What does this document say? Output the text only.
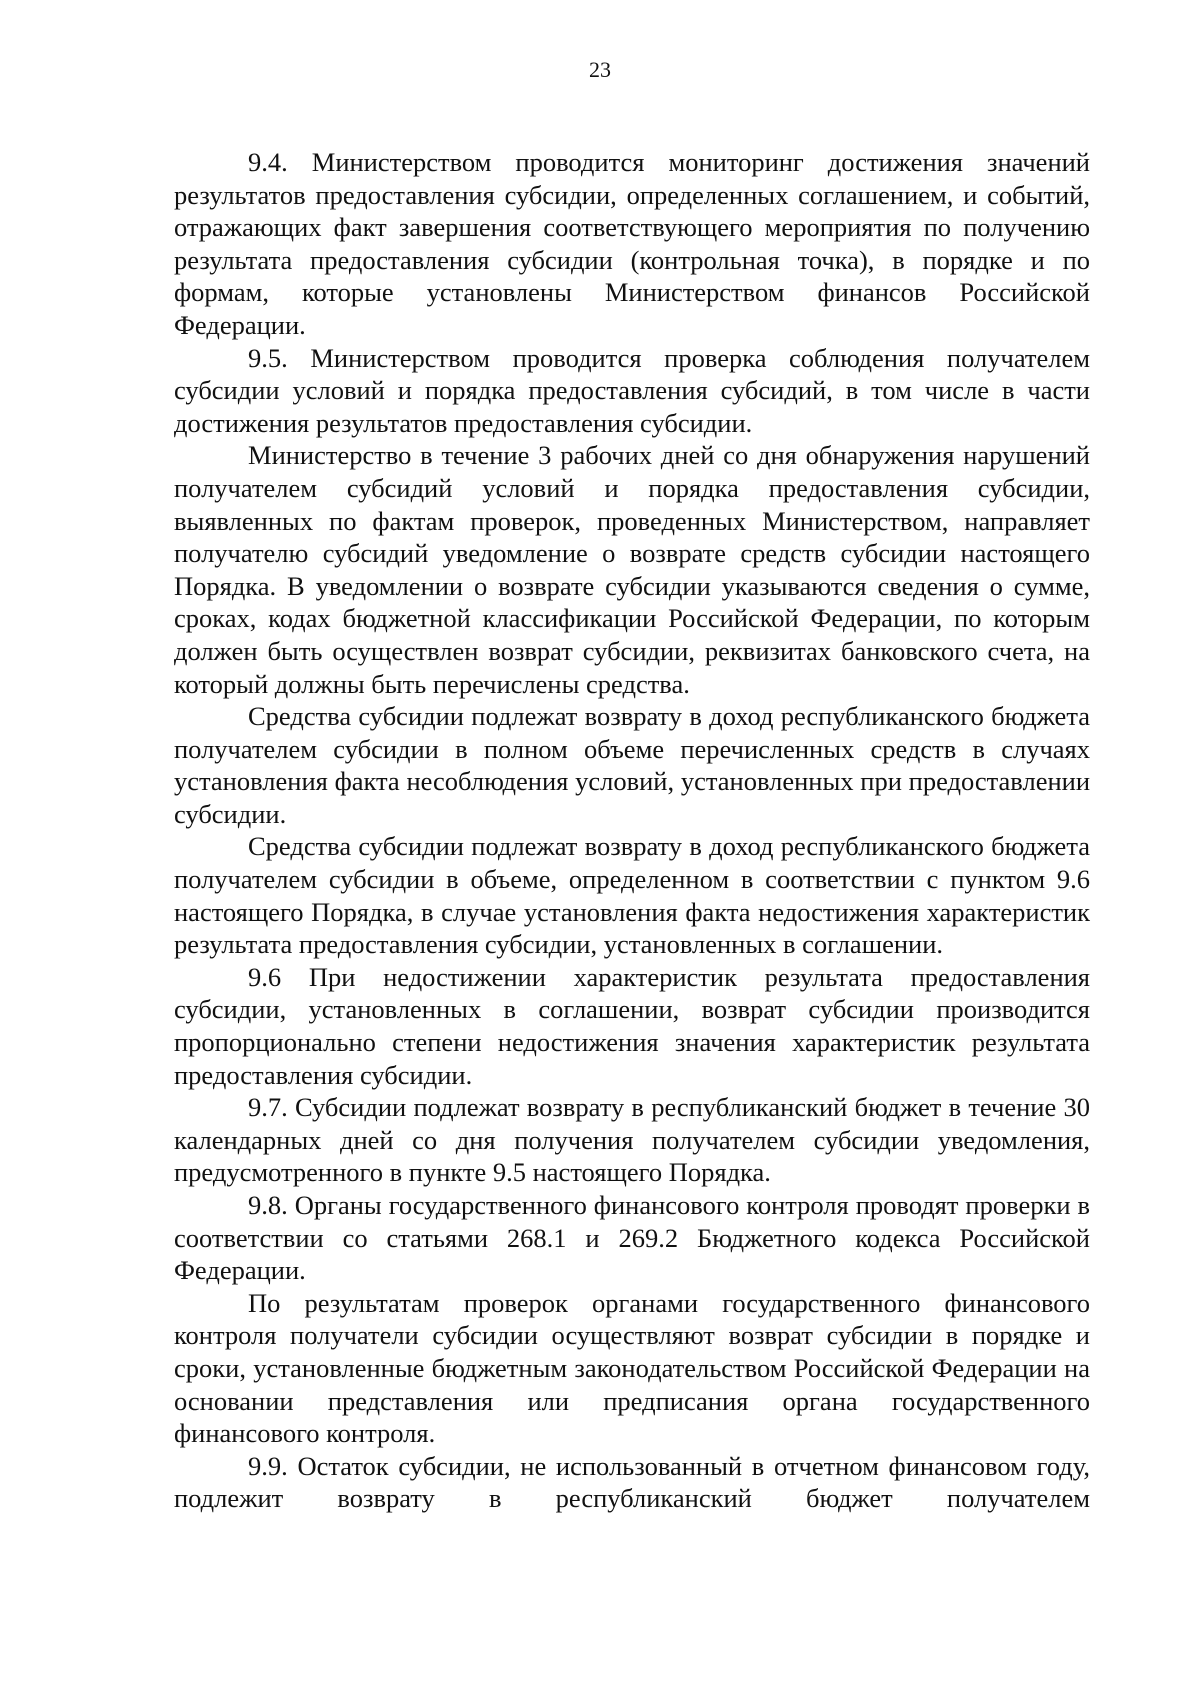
23

9.4. Министерством проводится мониторинг достижения значений результатов предоставления субсидии, определенных соглашением, и событий, отражающих факт завершения соответствующего мероприятия по получению результата предоставления субсидии (контрольная точка), в порядке и по формам, которые установлены Министерством финансов Российской Федерации.

9.5. Министерством проводится проверка соблюдения получателем субсидии условий и порядка предоставления субсидий, в том числе в части достижения результатов предоставления субсидии.

Министерство в течение 3 рабочих дней со дня обнаружения нарушений получателем субсидий условий и порядка предоставления субсидии, выявленных по фактам проверок, проведенных Министерством, направляет получателю субсидий уведомление о возврате средств субсидии настоящего Порядка. В уведомлении о возврате субсидии указываются сведения о сумме, сроках, кодах бюджетной классификации Российской Федерации, по которым должен быть осуществлен возврат субсидии, реквизитах банковского счета, на который должны быть перечислены средства.

Средства субсидии подлежат возврату в доход республиканского бюджета получателем субсидии в полном объеме перечисленных средств в случаях установления факта несоблюдения условий, установленных при предоставлении субсидии.

Средства субсидии подлежат возврату в доход республиканского бюджета получателем субсидии в объеме, определенном в соответствии с пунктом 9.6 настоящего Порядка, в случае установления факта недостижения характеристик результата предоставления субсидии, установленных в соглашении.

9.6 При недостижении характеристик результата предоставления субсидии, установленных в соглашении, возврат субсидии производится пропорционально степени недостижения значения характеристик результата предоставления субсидии.

9.7. Субсидии подлежат возврату в республиканский бюджет в течение 30 календарных дней со дня получения получателем субсидии уведомления, предусмотренного в пункте 9.5 настоящего Порядка.

9.8. Органы государственного финансового контроля проводят проверки в соответствии со статьями 268.1 и 269.2 Бюджетного кодекса Российской Федерации.

По результатам проверок органами государственного финансового контроля получатели субсидии осуществляют возврат субсидии в порядке и сроки, установленные бюджетным законодательством Российской Федерации на основании представления или предписания органа государственного финансового контроля.

9.9. Остаток субсидии, не использованный в отчетном финансовом году, подлежит возврату в республиканский бюджет получателем
